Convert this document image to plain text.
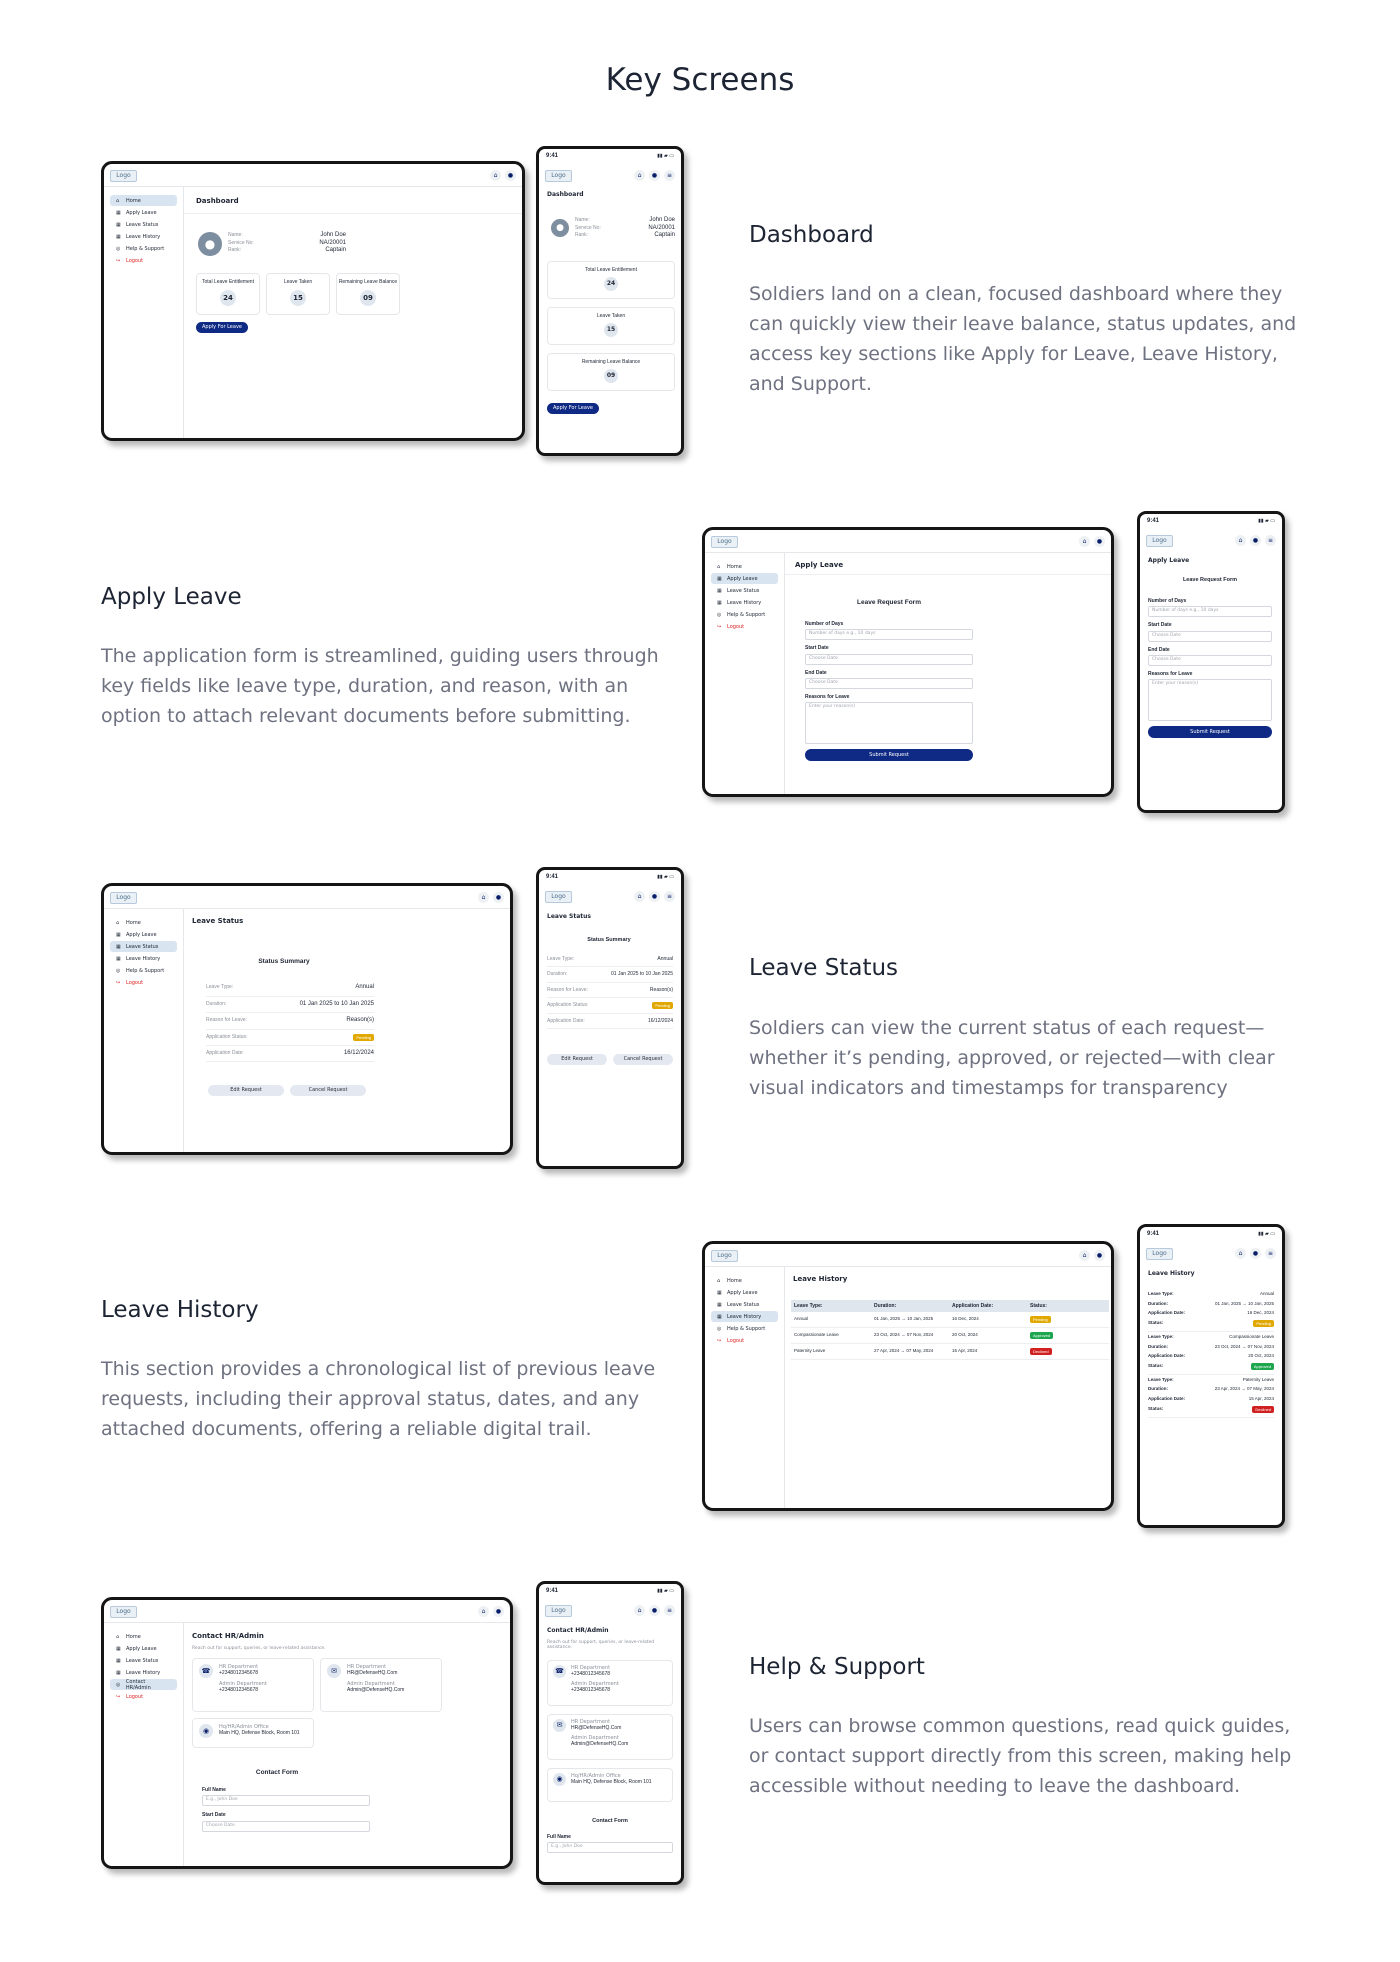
Key Screens
Logo	⌂	●
⌂	Home
▦ Apply Leave
▦ Leave Status
▦ Leave History
◎	Help & Support
↪	Logout
Dashboard
●
Name:	John Doe
Service No:	NA/20001
Rank:	Captain
Total Leave Entitlement
24
Leave Taken
15
Remaining Leave Balance
09
Apply For Leave
9:41	▮▮ ▰ ▭
Logo	⌂	●	≡
Dashboard
●
Name:	John Doe
Service No:	NA/20001
Rank:	Captain
Total Leave Entitlement
24
Leave Taken
15
Remaining Leave Balance
09
Apply For Leave
Dashboard
Soldiers land on a clean, focused dashboard where they can quickly view their leave balance, status updates, and access key sections like Apply for Leave, Leave History, and Support.
Apply Leave
The application form is streamlined, guiding users through key fields like leave type, duration, and reason, with an option to attach relevant documents before submitting.
Logo	⌂	●
⌂	Home
▦ Apply Leave
▦ Leave Status
▦ Leave History
◎	Help & Support
↪	Logout
Apply Leave
Leave Request Form
Number of Days
Number of days e.g., 10 days
Start Date
Choose Date
End Date
Choose Date
Reasons for Leave
Enter your reason(s)
Submit Request
9:41	▮▮ ▰ ▭
Logo	⌂	●	≡
Apply Leave
Leave Request Form
Number of Days
Number of days e.g., 10 days
Start Date
Choose Date
End Date
Choose Date
Reasons for Leave
Enter your reason(s)
Submit Request
Logo	⌂	●
⌂	Home
▦ Apply Leave
▦ Leave Status
▦ Leave History
◎	Help & Support
↪	Logout
Leave Status
Status Summary
Leave Type:	Annual
Duration:	01 Jan 2025 to 10 Jan 2025
Reason for Leave:	Reason(s)
Application Status:	Pending
Application Date:	16/12/2024
Edit Request	Cancel Request
9:41	▮▮ ▰ ▭
Logo	⌂	●	≡
Leave Status
Status Summary
Leave Type:	Annual
Duration:	01 Jan 2025 to 10 Jan 2025
Reason for Leave:	Reason(s)
Application Status:	Pending
Application Date:	16/12/2024
Edit Request	Cancel Request
Leave Status
Soldiers can view the current status of each request—whether it’s pending, approved, or rejected—with clear visual indicators and timestamps for transparency
Leave History
This section provides a chronological list of previous leave requests, including their approval status, dates, and any attached documents, offering a reliable digital trail.
Logo	⌂	●
⌂	Home
▦ Apply Leave
▦ Leave Status
▦ Leave History
◎	Help & Support
↪	Logout
Leave History
Leave Type:	Duration:	Application Date:	Status:
Annual	01 Jan, 2025 → 10 Jan, 2025	16 Dec, 2024	Pending
Compassionate Leave	23 Oct, 2024 → 07 Nov, 2024	20 Oct, 2024	Approved
Paternity Leave	27 Apr, 2024 → 07 May, 2024	15 Apr, 2024	Declined
9:41	▮▮ ▰ ▭
Logo	⌂	●	≡
Leave History
Leave Type:	Annual
Duration:	01 Jan, 2025 → 10 Jan, 2025
Application Date:	16 Dec, 2024
Status:	Pending
Leave Type:	Compassionate Leave
Duration:	23 Oct, 2024 → 07 Nov, 2024
Application Date:	20 Oct, 2024
Status:	Approved
Leave Type:	Paternity Leave
Duration:	23 Apr, 2024 → 07 May, 2024
Application Date:	15 Apr, 2024
Status:	Declined
Logo	⌂	●
⌂	Home
▦ Apply Leave
▦ Leave Status
▦ Leave History
◎	Contact HR/Admin
↪	Logout
Contact HR/Admin
Reach out for support, queries, or leave-related assistance.
☎	HR Department
+2348012345678
Admin Department
+2348012345678
✉	HR Department
HR@DefenseHQ.Com
Admin Department
Admin@DefenseHQ.Com
◉	Hq/HR/Admin Office
Main HQ, Defense Block, Room 101
Contact Form
Full Name
E.g., John Doe
Start Date
Choose Date
9:41	▮▮ ▰ ▭
Logo	⌂	●	≡
Contact HR/Admin
Reach out for support, queries, or leave-related assistance.
☎	HR Department
+2348012345678
Admin Department
+2348012345678
✉	HR Department
HR@DefenseHQ.Com
Admin Department
Admin@DefenseHQ.Com
◉	Hq/HR/Admin Office
Main HQ, Defense Block, Room 101
Contact Form
Full Name
E.g., John Doe
Help & Support
Users can browse common questions, read quick guides, or contact support directly from this screen, making help accessible without needing to leave the dashboard.
